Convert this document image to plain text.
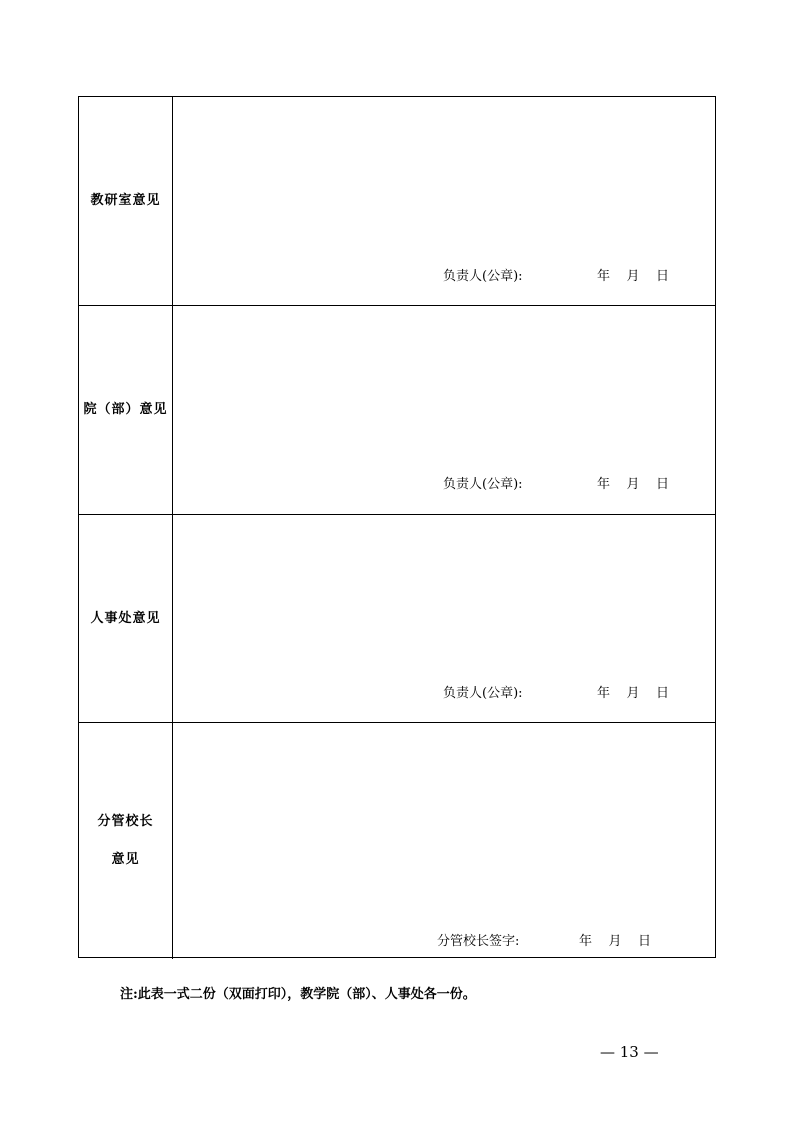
教研室意见
负责人(公章):	年    月    日
院（部）意见
负责人(公章):	年    月    日
人事处意见
负责人(公章):	年    月    日
分管校长
意见
分管校长签字:	年    月    日
注:此表一式二份（双面打印），教学院（部）、人事处各一份。
— 13 —
